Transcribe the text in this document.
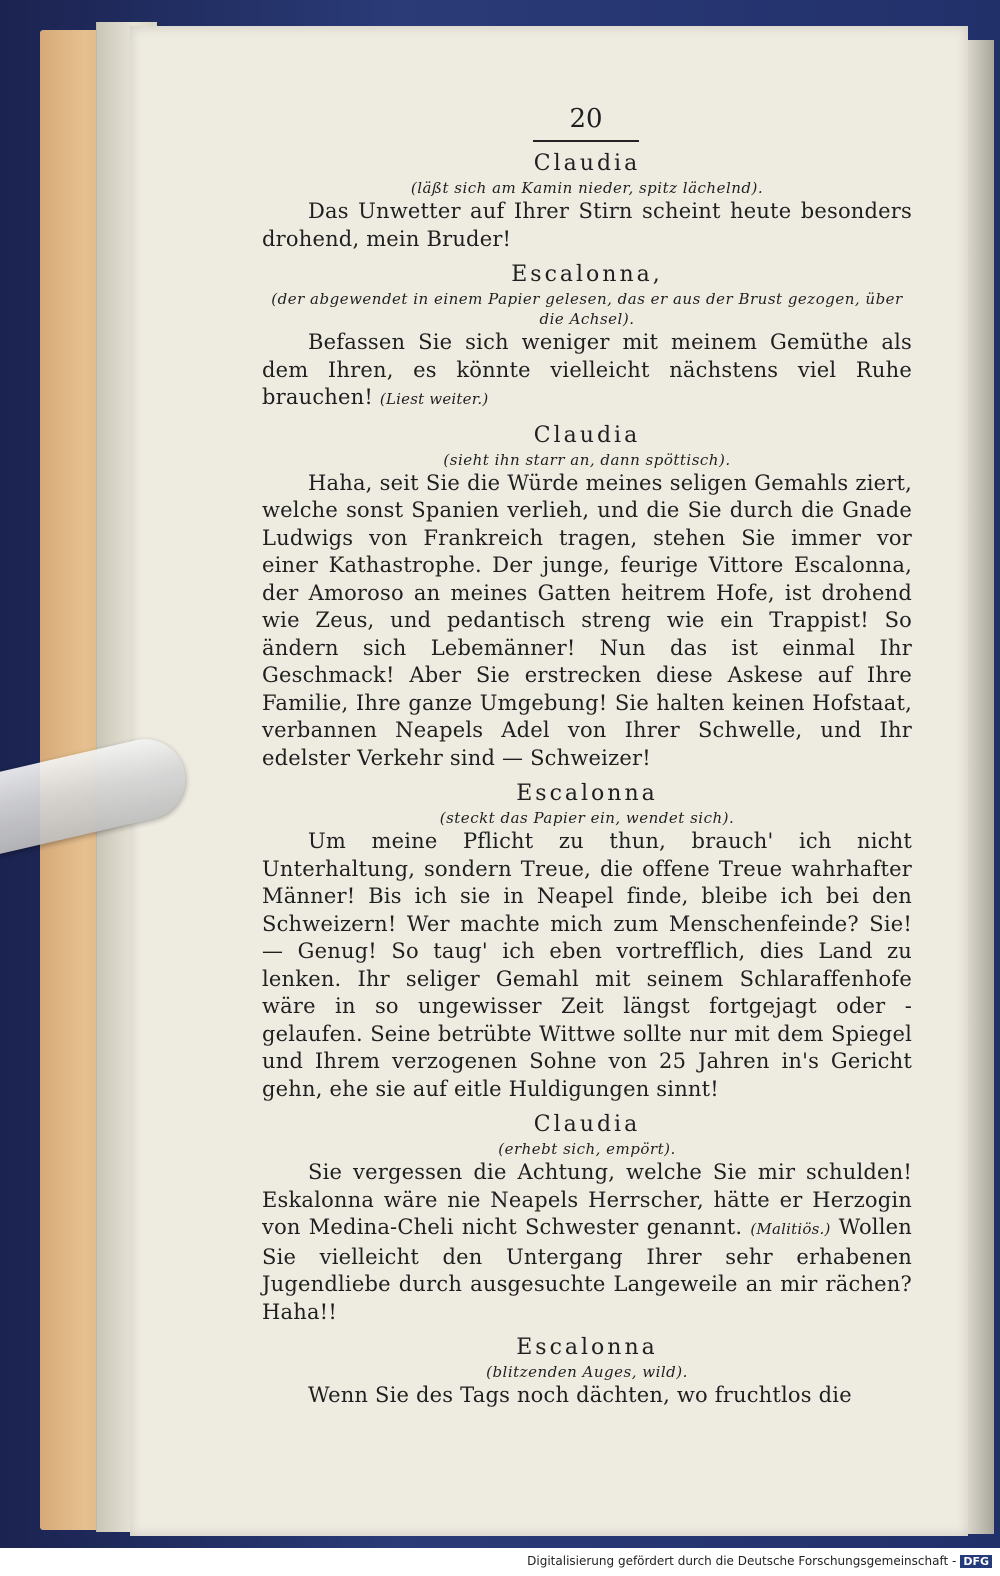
20
Claudia
(läßt sich am Kamin nieder, spitz lächelnd).
Das Unwetter auf Ihrer Stirn scheint heute besonders drohend, mein Bruder!
Escalonna,
(der abgewendet in einem Papier gelesen, das er aus der Brust gezogen, über die Achsel).
Befassen Sie sich weniger mit meinem Gemüthe als dem Ihren, es könnte vielleicht nächstens viel Ruhe brauchen! (Liest weiter.)
Claudia
(sieht ihn starr an, dann spöttisch).
Haha, seit Sie die Würde meines seligen Gemahls ziert, welche sonst Spanien verlieh, und die Sie durch die Gnade Ludwigs von Frankreich tragen, stehen Sie immer vor einer Kathastrophe. Der junge, feurige Vittore Escalonna, der Amoroso an meines Gatten heitrem Hofe, ist drohend wie Zeus, und pedantisch streng wie ein Trappist! So ändern sich Lebemänner! Nun das ist einmal Ihr Geschmack! Aber Sie erstrecken diese Askese auf Ihre Familie, Ihre ganze Umgebung! Sie halten keinen Hofstaat, verbannen Neapels Adel von Ihrer Schwelle, und Ihr edelster Verkehr sind — Schweizer!
Escalonna
(steckt das Papier ein, wendet sich).
Um meine Pflicht zu thun, brauch' ich nicht Unterhaltung, sondern Treue, die offene Treue wahrhafter Männer! Bis ich sie in Neapel finde, bleibe ich bei den Schweizern! Wer machte mich zum Menschenfeinde? Sie! — Genug! So taug' ich eben vortrefflich, dies Land zu lenken. Ihr seliger Gemahl mit seinem Schlaraffenhofe wäre in so ungewisser Zeit längst fortgejagt oder -gelaufen. Seine betrübte Wittwe sollte nur mit dem Spiegel und Ihrem verzogenen Sohne von 25 Jahren in's Gericht gehn, ehe sie auf eitle Huldigungen sinnt!
Claudia
(erhebt sich, empört).
Sie vergessen die Achtung, welche Sie mir schulden! Eskalonna wäre nie Neapels Herrscher, hätte er Herzogin von Medina-Cheli nicht Schwester genannt. (Malitiös.) Wollen Sie vielleicht den Untergang Ihrer sehr erhabenen Jugendliebe durch ausgesuchte Langeweile an mir rächen? Haha!!
Escalonna
(blitzenden Auges, wild).
Wenn Sie des Tags noch dächten, wo fruchtlos die
Digitalisierung gefördert durch die Deutsche Forschungsgemeinschaft - DFG
